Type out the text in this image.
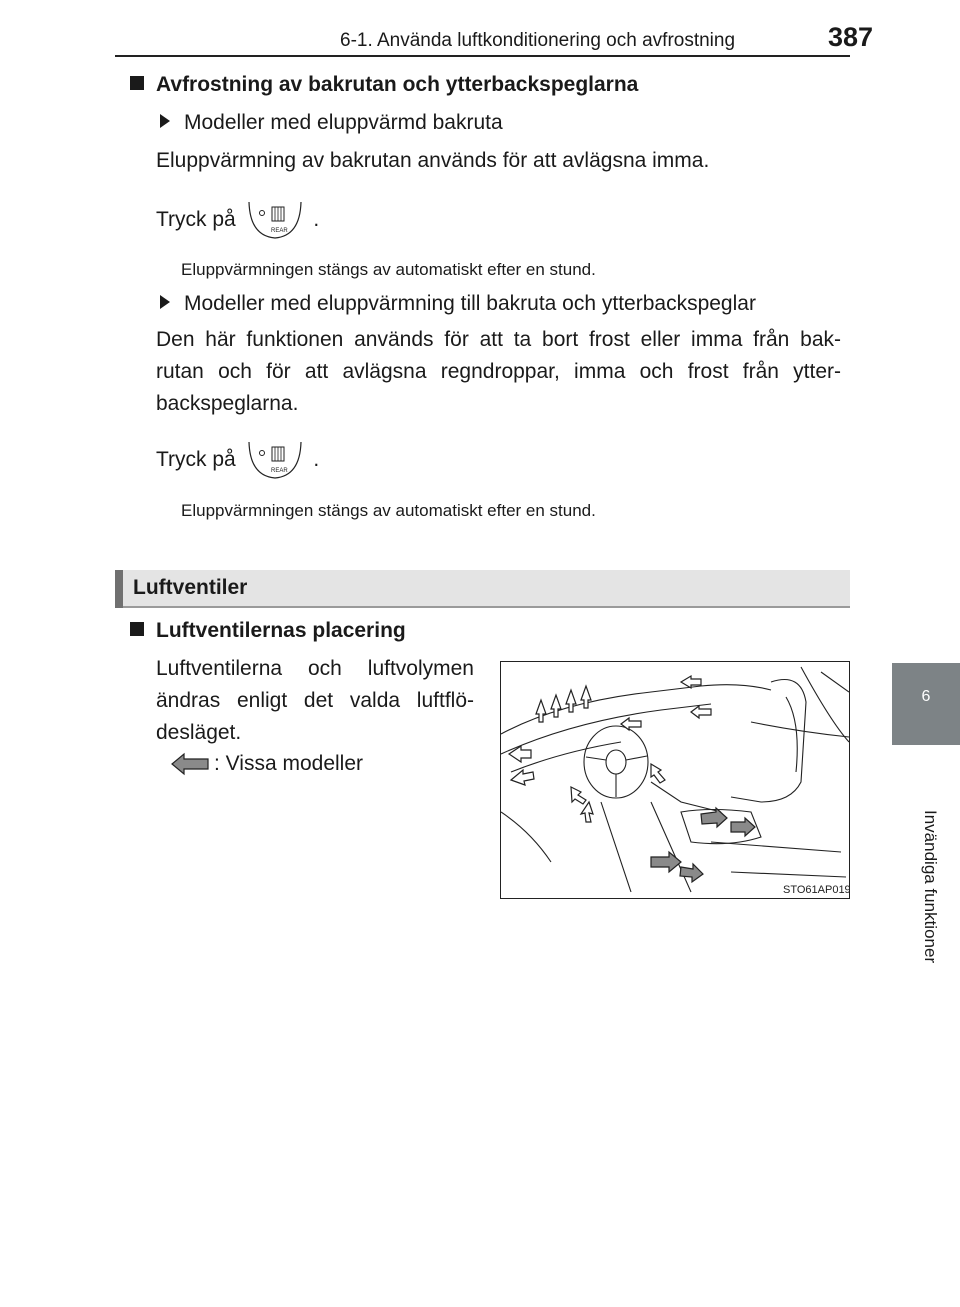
6-1. Använda luftkonditionering och avfrostning	387
6
Invändiga funktioner
Avfrostning av bakrutan och ytterbackspeglarna
Modeller med eluppvärmd bakruta
Eluppvärmning av bakrutan används för att avlägsna imma.
Tryck på
REAR
.
Eluppvärmningen stängs av automatiskt efter en stund.
Modeller med eluppvärmning till bakruta och ytterbackspeglar
Den här funktionen används för att ta bort frost eller imma från bak-
rutan och för att avlägsna regndroppar, imma och frost från ytter-
backspeglarna.
Tryck på
REAR
.
Eluppvärmningen stängs av automatiskt efter en stund.
Luftventiler
Luftventilernas placering
Luftventilerna och luftvolymen
ändras enligt det valda luftflö-
desläget.
: Vissa modeller
STO61AP019
